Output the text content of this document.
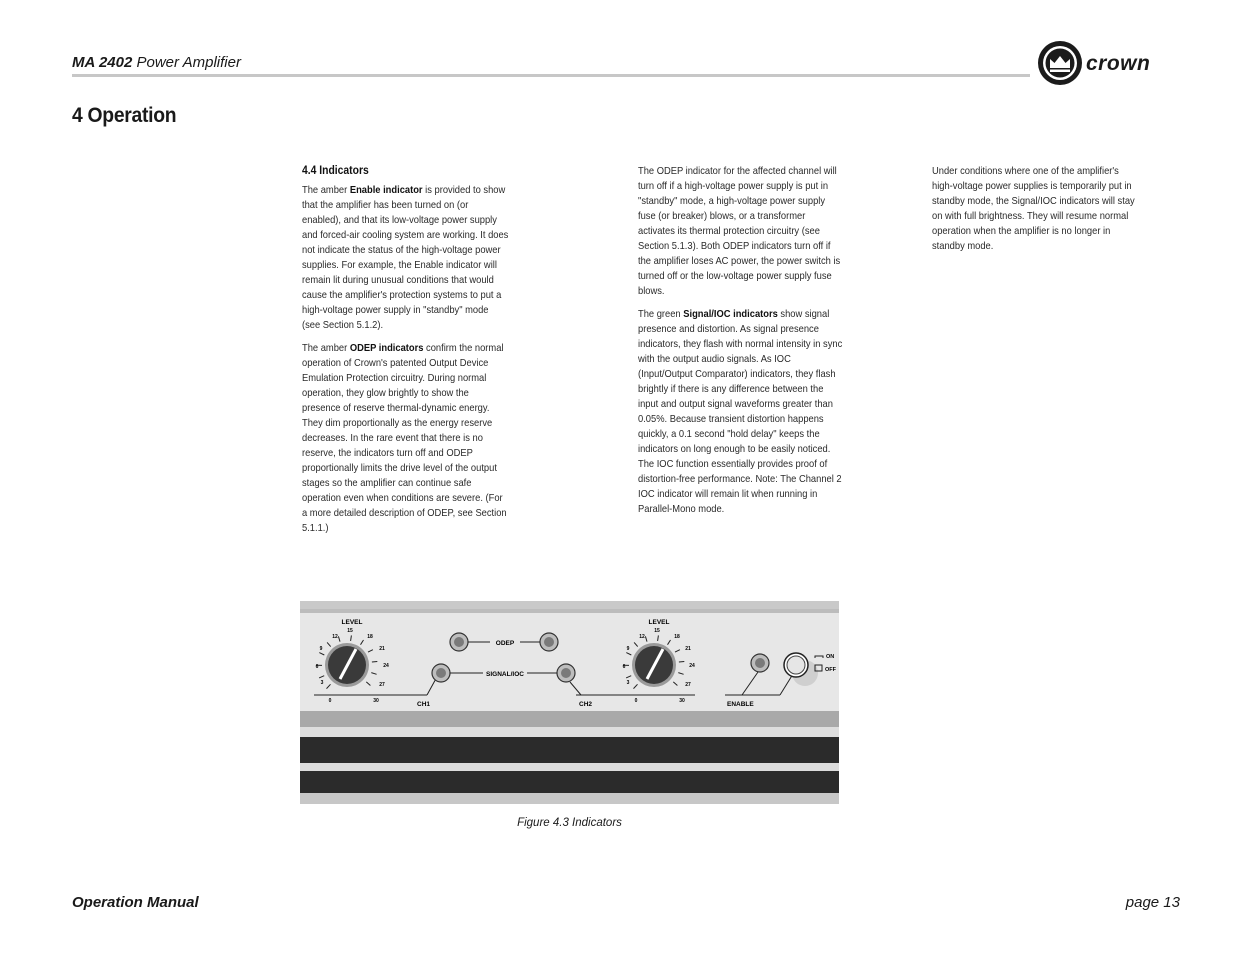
MA 2402 Power Amplifier	crown
4 Operation

4.4 Indicators

The amber Enable indicator is provided to show that the amplifier has been turned on (or enabled), and that its low-voltage power supply and forced-air cooling system are working. It does not indicate the status of the high-voltage power supplies. For example, the Enable indicator will remain lit during unusual conditions that would cause the amplifier's protection systems to put a high-voltage power supply in "standby" mode (see Section 5.1.2).

The amber ODEP indicators confirm the normal operation of Crown's patented Output Device Emulation Protection circuitry. During normal operation, they glow brightly to show the presence of reserve thermal-dynamic energy. They dim proportionally as the energy reserve decreases. In the rare event that there is no reserve, the indicators turn off and ODEP proportionally limits the drive level of the output stages so the amplifier can continue safe operation even when conditions are severe. (For a more detailed description of ODEP, see Section 5.1.1.)

The ODEP indicator for the affected channel will turn off if a high-voltage power supply is put in "standby" mode, a high-voltage power supply fuse (or breaker) blows, or a transformer activates its thermal protection circuitry (see Section 5.1.3). Both ODEP indicators turn off if the amplifier loses AC power, the power switch is turned off or the low-voltage power supply fuse blows.

The green Signal/IOC indicators show signal presence and distortion. As signal presence indicators, they flash with normal intensity in sync with the output audio signals. As IOC (Input/Output Comparator) indicators, they flash brightly if there is any difference between the input and output signal waveforms greater than 0.05%. Because transient distortion happens quickly, a 0.1 second "hold delay" keeps the indicators on long enough to be easily noticed. The IOC function essentially provides proof of distortion-free performance. Note: The Channel 2 IOC indicator will remain lit when running in Parallel-Mono mode.

Under conditions where one of the amplifier's high-voltage power supplies is temporarily put in standby mode, the Signal/IOC indicators will stay on with full brightness. They will resume normal operation when the amplifier is no longer in standby mode.

LEVEL
0
3
6
9
12
15
18
21
24
27
30	CH1
ODEP
SIGNAL/IOC
CH2
LEVEL
0
3
6
9
12
15
18
21
24
27
30	ENABLE
ON
OFF
Figure 4.3 Indicators
Operation Manual	page 13
